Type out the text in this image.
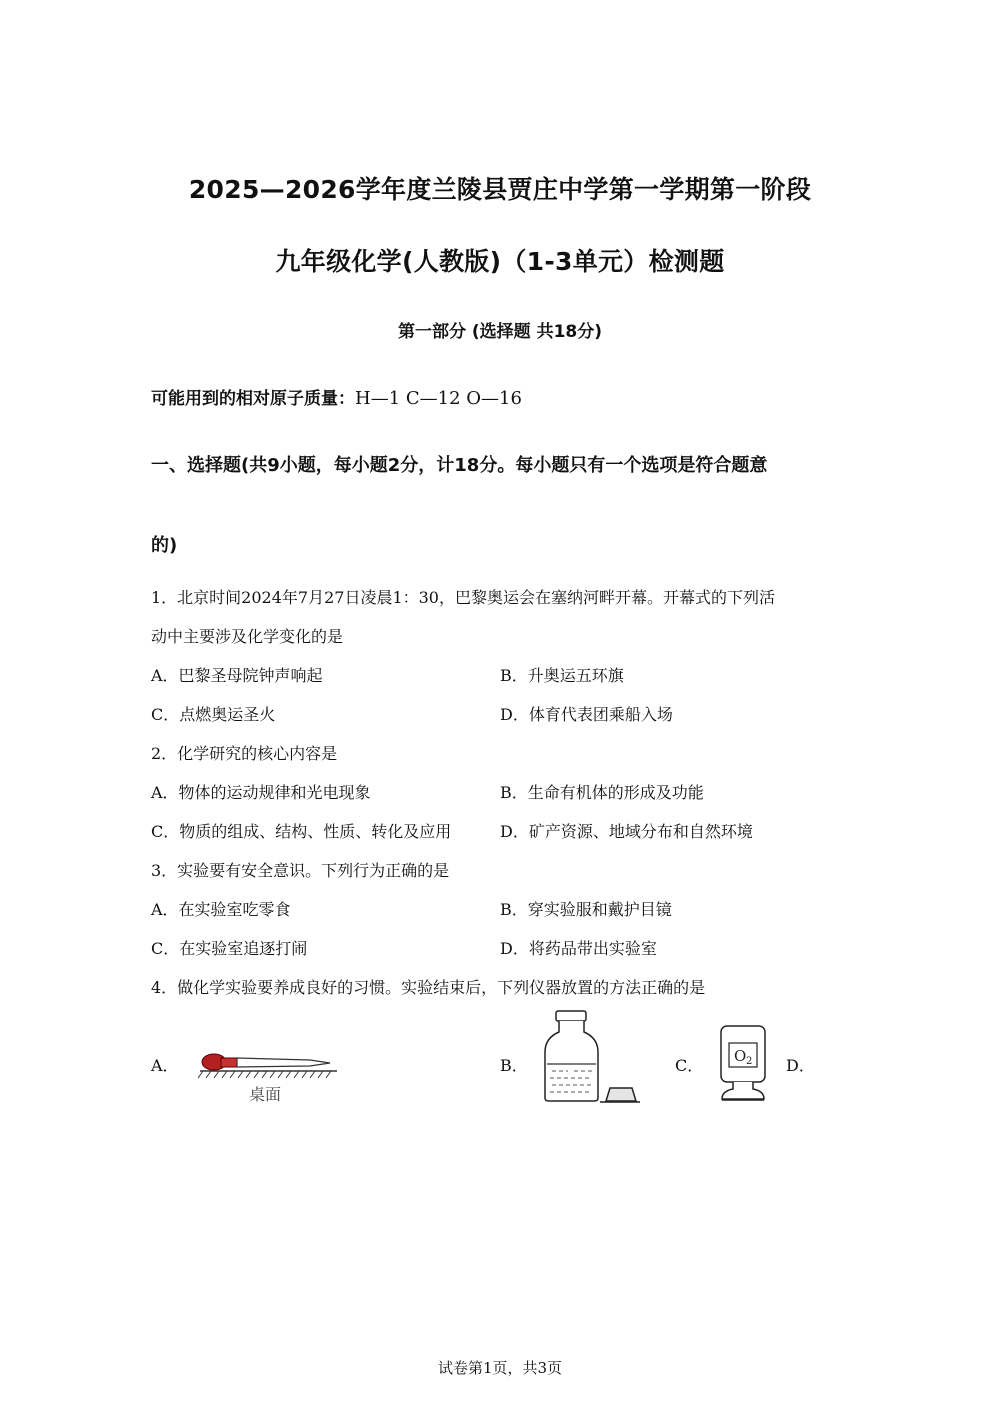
2025—2026学年度兰陵县贾庄中学第一学期第一阶段
九年级化学(人教版)（1-3单元）检测题
第一部分 (选择题 共18分)
可能用到的相对原子质量：H—1 C—12 O—16
一、选择题(共9小题，每小题2分，计18分。每小题只有一个选项是符合题意
的)
1．北京时间2024年7月27日凌晨1：30，巴黎奥运会在塞纳河畔开幕。开幕式的下列活
动中主要涉及化学变化的是
A．巴黎圣母院钟声响起	B．升奥运五环旗
C．点燃奥运圣火	D．体育代表团乘船入场
2．化学研究的核心内容是
A．物体的运动规律和光电现象	B．生命有机体的形成及功能
C．物质的组成、结构、性质、转化及应用	D．矿产资源、地域分布和自然环境
3．实验要有安全意识。下列行为正确的是
A．在实验室吃零食	B．穿实验服和戴护目镜
C．在实验室追逐打闹	D．将药品带出实验室
4．做化学实验要养成良好的习惯。实验结束后，下列仪器放置的方法正确的是
A．	B．	C．	D．
桌面
O 2
试卷第1页，共3页
